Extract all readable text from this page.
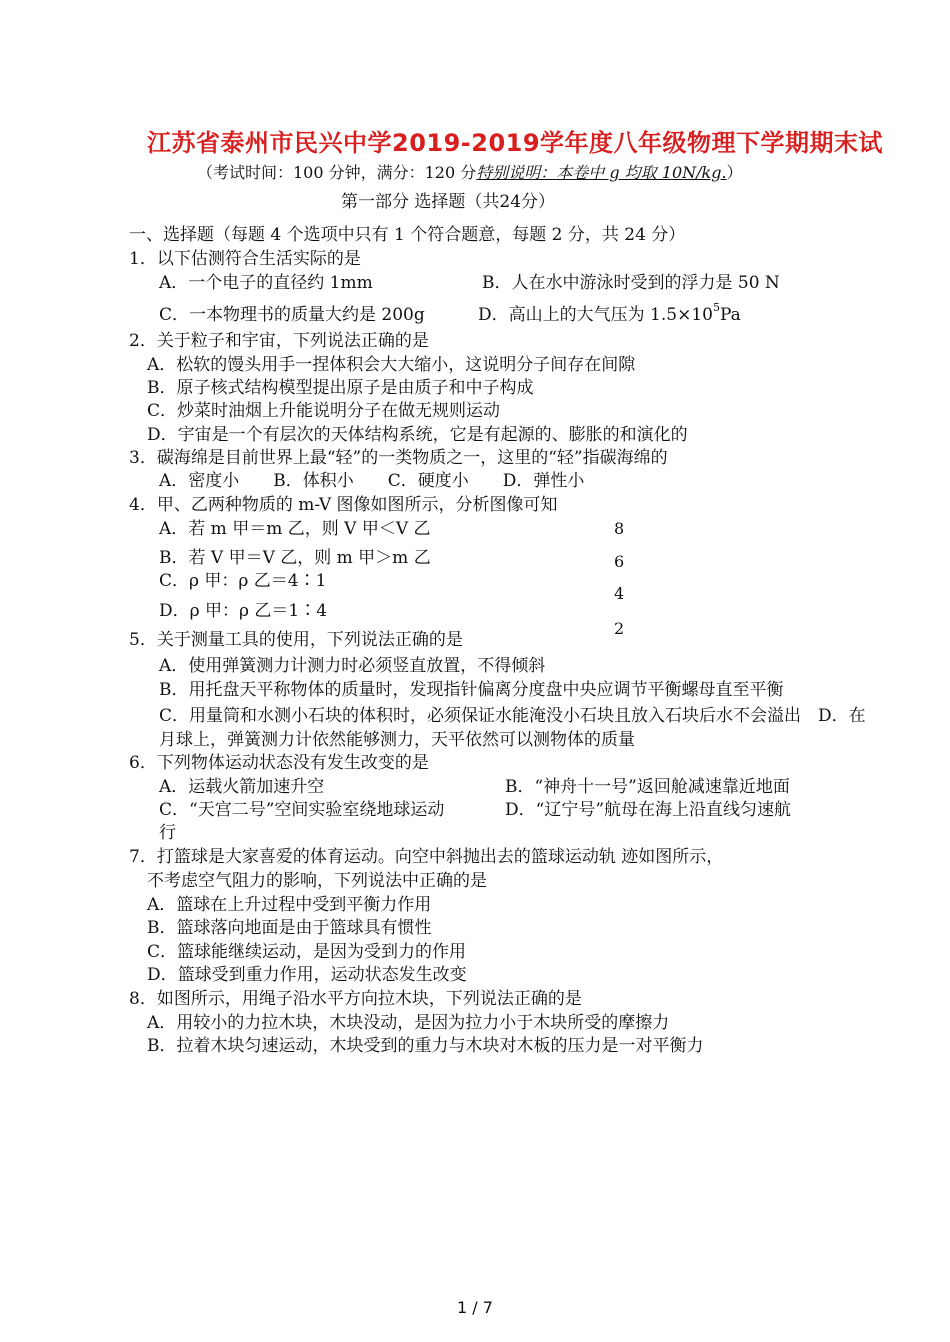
江苏省泰州市民兴中学2019-2019学年度八年级物理下学期期末试
（考试时间：100 分钟，满分：120 分特别说明：本卷中 g 均取 10N/kg.）
第一部分 选择题（共24分）
一、选择题（每题 4 个选项中只有 1 个符合题意，每题 2 分，共 24 分）
1．以下估测符合生活实际的是
A．一个电子的直径约 1mm	B．人在水中游泳时受到的浮力是 50 N
C．一本物理书的质量大约是 200g	D．高山上的大气压为 $1.5\times 10^5Pa$
2．关于粒子和宇宙，下列说法正确的是
A．松软的馒头用手一捏体积会大大缩小，这说明分子间存在间隙
B．原子核式结构模型提出原子是由质子和中子构成
C．炒菜时油烟上升能说明分子在做无规则运动
D．宇宙是一个有层次的天体结构系统，它是有起源的、膨胀的和演化的
3．碳海绵是目前世界上最“轻”的一类物质之一，这里的“轻”指碳海绵的
A．密度小　　B．体积小　　C．硬度小　　D．弹性小
4．甲、乙两种物质的 m-V 图像如图所示，分析图像可知
A．若 m 甲＝m 乙，则 V 甲＜V 乙
B．若 V 甲＝V 乙，则 m 甲＞m 乙
C．ρ 甲：ρ 乙＝4∶1
D．ρ 甲：ρ 乙＝1∶4
8
6
4
2
5．关于测量工具的使用，下列说法正确的是
A．使用弹簧测力计测力时必须竖直放置，不得倾斜
B．用托盘天平称物体的质量时，发现指针偏离分度盘中央应调节平衡螺母直至平衡
C．用量筒和水测小石块的体积时，必须保证水能淹没小石块且放入石块后水不会溢出　D．在
月球上，弹簧测力计依然能够测力，天平依然可以测物体的质量
6．下列物体运动状态没有发生改变的是
A．运载火箭加速升空	B．“神舟十一号”返回舱减速靠近地面
C．“天宫二号”空间实验室绕地球运动	D．“辽宁号”航母在海上沿直线匀速航
行
7．打篮球是大家喜爱的体育运动。向空中斜抛出去的篮球运动轨 迹如图所示，
不考虑空气阻力的影响，下列说法中正确的是
A．篮球在上升过程中受到平衡力作用
B．篮球落向地面是由于篮球具有惯性
C．篮球能继续运动，是因为受到力的作用
D．篮球受到重力作用，运动状态发生改变
8．如图所示，用绳子沿水平方向拉木块，下列说法正确的是
A．用较小的力拉木块，木块没动，是因为拉力小于木块所受的摩擦力
B．拉着木块匀速运动，木块受到的重力与木块对木板的压力是一对平衡力
1 / 7
